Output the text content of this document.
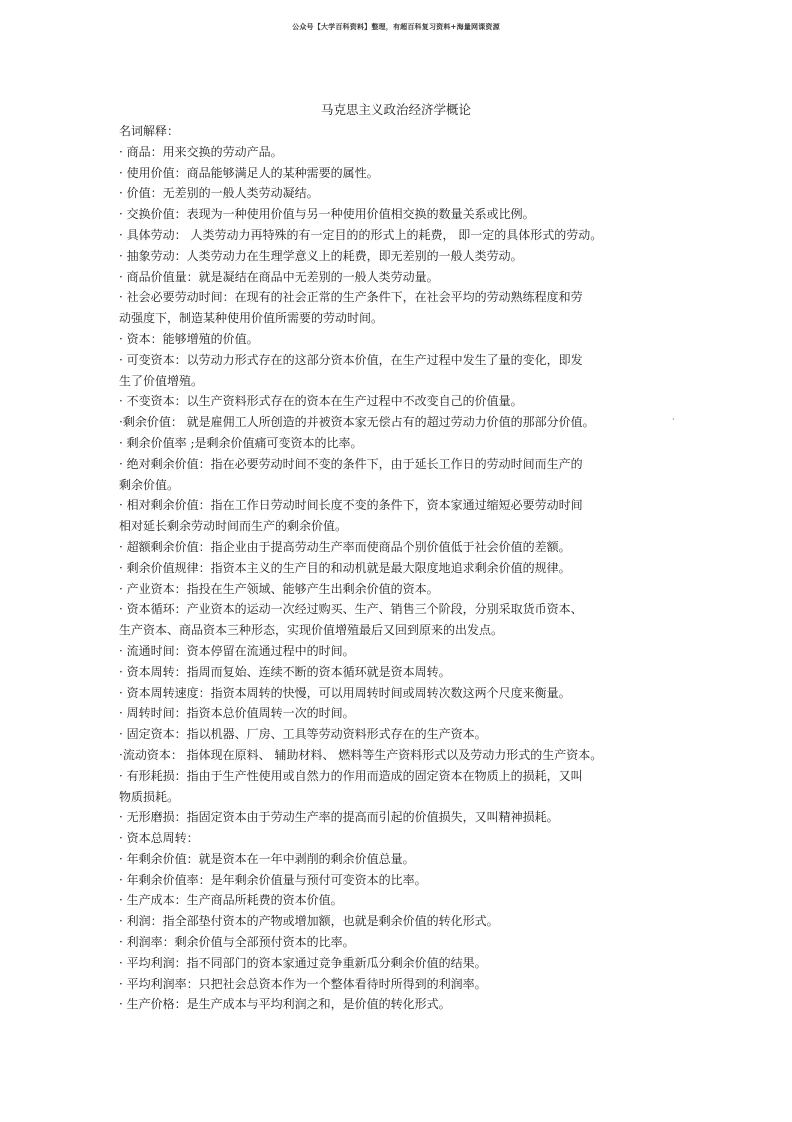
公众号【大学百科资料】整理，有超百科复习资料+海量网课资源
马克思主义政治经济学概论
名词解释：
· 商品：用来交换的劳动产品。
· 使用价值：商品能够满足人的某种需要的属性。
· 价值：无差别的一般人类劳动凝结。
· 交换价值：表现为一种使用价值与另一种使用价值相交换的数量关系或比例。
· 具体劳动： 人类劳动力再特殊的有一定目的的形式上的耗费， 即一定的具体形式的劳动。
· 抽象劳动：人类劳动力在生理学意义上的耗费，即无差别的一般人类劳动。
· 商品价值量：就是凝结在商品中无差别的一般人类劳动量。
· 社会必要劳动时间：在现有的社会正常的生产条件下，在社会平均的劳动熟练程度和劳
动强度下，制造某种使用价值所需要的劳动时间。
· 资本：能够增殖的价值。
· 可变资本：以劳动力形式存在的这部分资本价值，在生产过程中发生了量的变化，即发
生了价值增殖。
· 不变资本：以生产资料形式存在的资本在生产过程中不改变自己的价值量。
·剩余价值： 就是雇佣工人所创造的并被资本家无偿占有的超过劳动力价值的那部分价值。
· 剩余价值率 ;是剩余价值痛可变资本的比率。
· 绝对剩余价值：指在必要劳动时间不变的条件下，由于延长工作日的劳动时间而生产的
剩余价值。
· 相对剩余价值：指在工作日劳动时间长度不变的条件下，资本家通过缩短必要劳动时间
相对延长剩余劳动时间而生产的剩余价值。
· 超额剩余价值：指企业由于提高劳动生产率而使商品个别价值低于社会价值的差额。
· 剩余价值规律：指资本主义的生产目的和动机就是最大限度地追求剩余价值的规律。
· 产业资本：指投在生产领域、能够产生出剩余价值的资本。
· 资本循环：产业资本的运动一次经过购买、生产、销售三个阶段，分别采取货币资本、
生产资本、商品资本三种形态，实现价值增殖最后又回到原来的出发点。
· 流通时间：资本停留在流通过程中的时间。
· 资本周转：指周而复始、连续不断的资本循环就是资本周转。
· 资本周转速度：指资本周转的快慢，可以用周转时间或周转次数这两个尺度来衡量。
· 周转时间：指资本总价值周转一次的时间。
· 固定资本：指以机器、厂房、工具等劳动资料形式存在的生产资本。
·流动资本： 指体现在原料、 辅助材料、 燃料等生产资料形式以及劳动力形式的生产资本。
· 有形耗损：指由于生产性使用或自然力的作用而造成的固定资本在物质上的损耗，又叫
物质损耗。
· 无形磨损：指固定资本由于劳动生产率的提高而引起的价值损失，又叫精神损耗。
· 资本总周转：
· 年剩余价值：就是资本在一年中剥削的剩余价值总量。
· 年剩余价值率：是年剩余价值量与预付可变资本的比率。
· 生产成本：生产商品所耗费的资本价值。
· 利润：指全部垫付资本的产物或增加额，也就是剩余价值的转化形式。
· 利润率：剩余价值与全部预付资本的比率。
· 平均利润：指不同部门的资本家通过竞争重新瓜分剩余价值的结果。
· 平均利润率：只把社会总资本作为一个整体看待时所得到的利润率。
· 生产价格：是生产成本与平均利润之和，是价值的转化形式。
·
